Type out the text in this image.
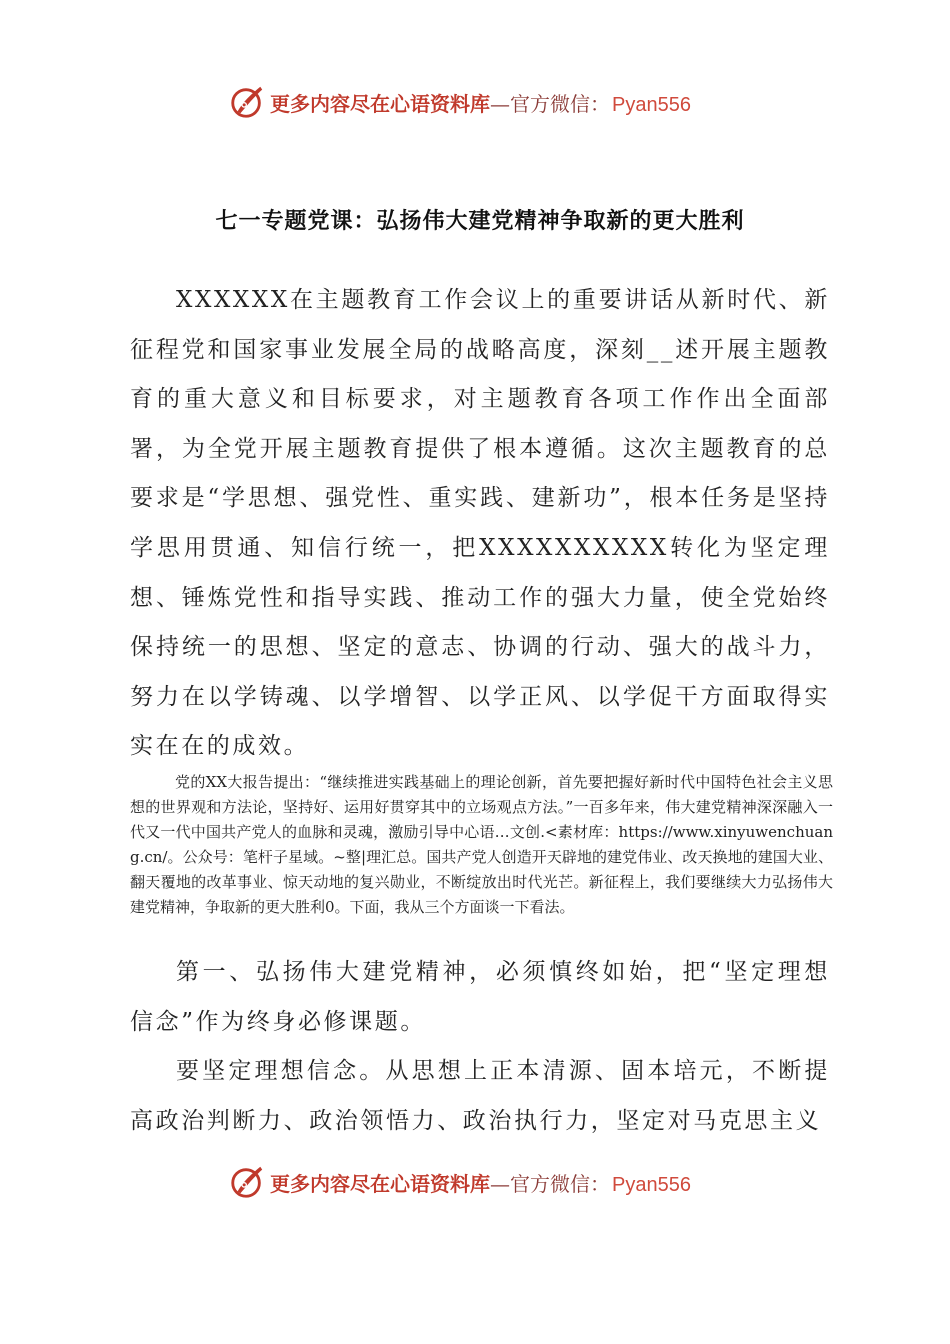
更多内容尽在心语资料库—官方微信： Pyan556
七一专题党课：弘扬伟大建党精神争取新的更大胜利

XXXXXX在主题教育工作会议上的重要讲话从新时代、新征程党和国家事业发展全局的战略高度，深刻__述开展主题教育的重大意义和目标要求，对主题教育各项工作作出全面部署，为全党开展主题教育提供了根本遵循。这次主题教育的总要求是“学思想、强党性、重实践、建新功”，根本任务是坚持学思用贯通、知信行统一，把XXXXXXXXXX转化为坚定理想、锤炼党性和指导实践、推动工作的强大力量，使全党始终保持统一的思想、坚定的意志、协调的行动、强大的战斗力，努力在以学铸魂、以学增智、以学正风、以学促干方面取得实实在在的成效。

党的XX大报告提出：“继续推进实践基础上的理论创新，首先要把握好新时代中国特色社会主义思想的世界观和方法论，坚持好、运用好贯穿其中的立场观点方法。”一百多年来，伟大建党精神深深融入一代又一代中国共产党人的血脉和灵魂，激励引导中心语…文创.<素材库：https://www.xinyuwenchuang.cn/。公众号：笔杆子星域。~整|理汇总。国共产党人创造开天辟地的建党伟业、改天换地的建国大业、翻天覆地的改革事业、惊天动地的复兴勋业，不断绽放出时代光芒。新征程上，我们要继续大力弘扬伟大建党精神，争取新的更大胜利0。下面，我从三个方面谈一下看法。

第一、弘扬伟大建党精神，必须慎终如始，把“坚定理想信念”作为终身必修课题。

要坚定理想信念。从思想上正本清源、固本培元，不断提高政治判断力、政治领悟力、政治执行力，坚定对马克思主义

更多内容尽在心语资料库—官方微信： Pyan556
